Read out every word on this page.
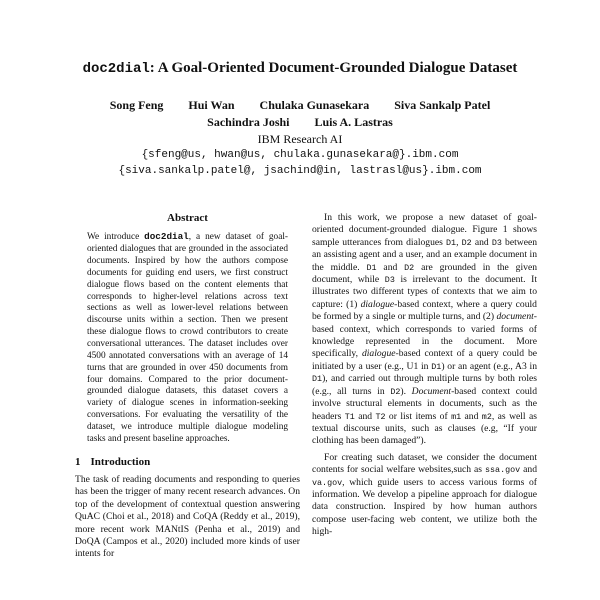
doc2dial: A Goal-Oriented Document-Grounded Dialogue Dataset
Song Feng Hui Wan Chulaka Gunasekara Siva Sankalp Patel
Sachindra Joshi Luis A. Lastras
IBM Research AI
{sfeng@us, hwan@us, chulaka.gunasekara@}.ibm.com
{siva.sankalp.patel@, jsachind@in, lastrasl@us}.ibm.com
Abstract
We introduce doc2dial, a new dataset of goal-oriented dialogues that are grounded in the associated documents. Inspired by how the authors compose documents for guiding end users, we first construct dialogue flows based on the content elements that corresponds to higher-level relations across text sections as well as lower-level relations between discourse units within a section. Then we present these dialogue flows to crowd contributors to create conversational utterances. The dataset includes over 4500 annotated conversations with an average of 14 turns that are grounded in over 450 documents from four domains. Compared to the prior document-grounded dialogue datasets, this dataset covers a variety of dialogue scenes in information-seeking conversations. For evaluating the versatility of the dataset, we introduce multiple dialogue modeling tasks and present baseline approaches.
1 Introduction

The task of reading documents and responding to queries has been the trigger of many recent research advances. On top of the development of contextual question answering QuAC (Choi et al., 2018) and CoQA (Reddy et al., 2019), more recent work MANtIS (Penha et al., 2019) and DoQA (Campos et al., 2020) included more kinds of user intents for

In this work, we propose a new dataset of goal-oriented document-grounded dialogue. Figure 1 shows sample utterances from dialogues D1, D2 and D3 between an assisting agent and a user, and an example document in the middle. D1 and D2 are grounded in the given document, while D3 is irrelevant to the document. It illustrates two different types of contexts that we aim to capture: (1) dialogue-based context, where a query could be formed by a single or multiple turns, and (2) document-based context, which corresponds to varied forms of knowledge represented in the document. More specifically, dialogue-based context of a query could be initiated by a user (e.g., U1 in D1) or an agent (e.g., A3 in D1), and carried out through multiple turns by both roles (e.g., all turns in D2). Document-based context could involve structural elements in documents, such as the headers T1 and T2 or list items of m1 and m2, as well as textual discourse units, such as clauses (e.g, “If your clothing has been damaged”).

For creating such dataset, we consider the document contents for social welfare websites,such as ssa.gov and va.gov, which guide users to access various forms of information. We develop a pipeline approach for dialogue data construction. Inspired by how human authors compose user-facing web content, we utilize both the high-
